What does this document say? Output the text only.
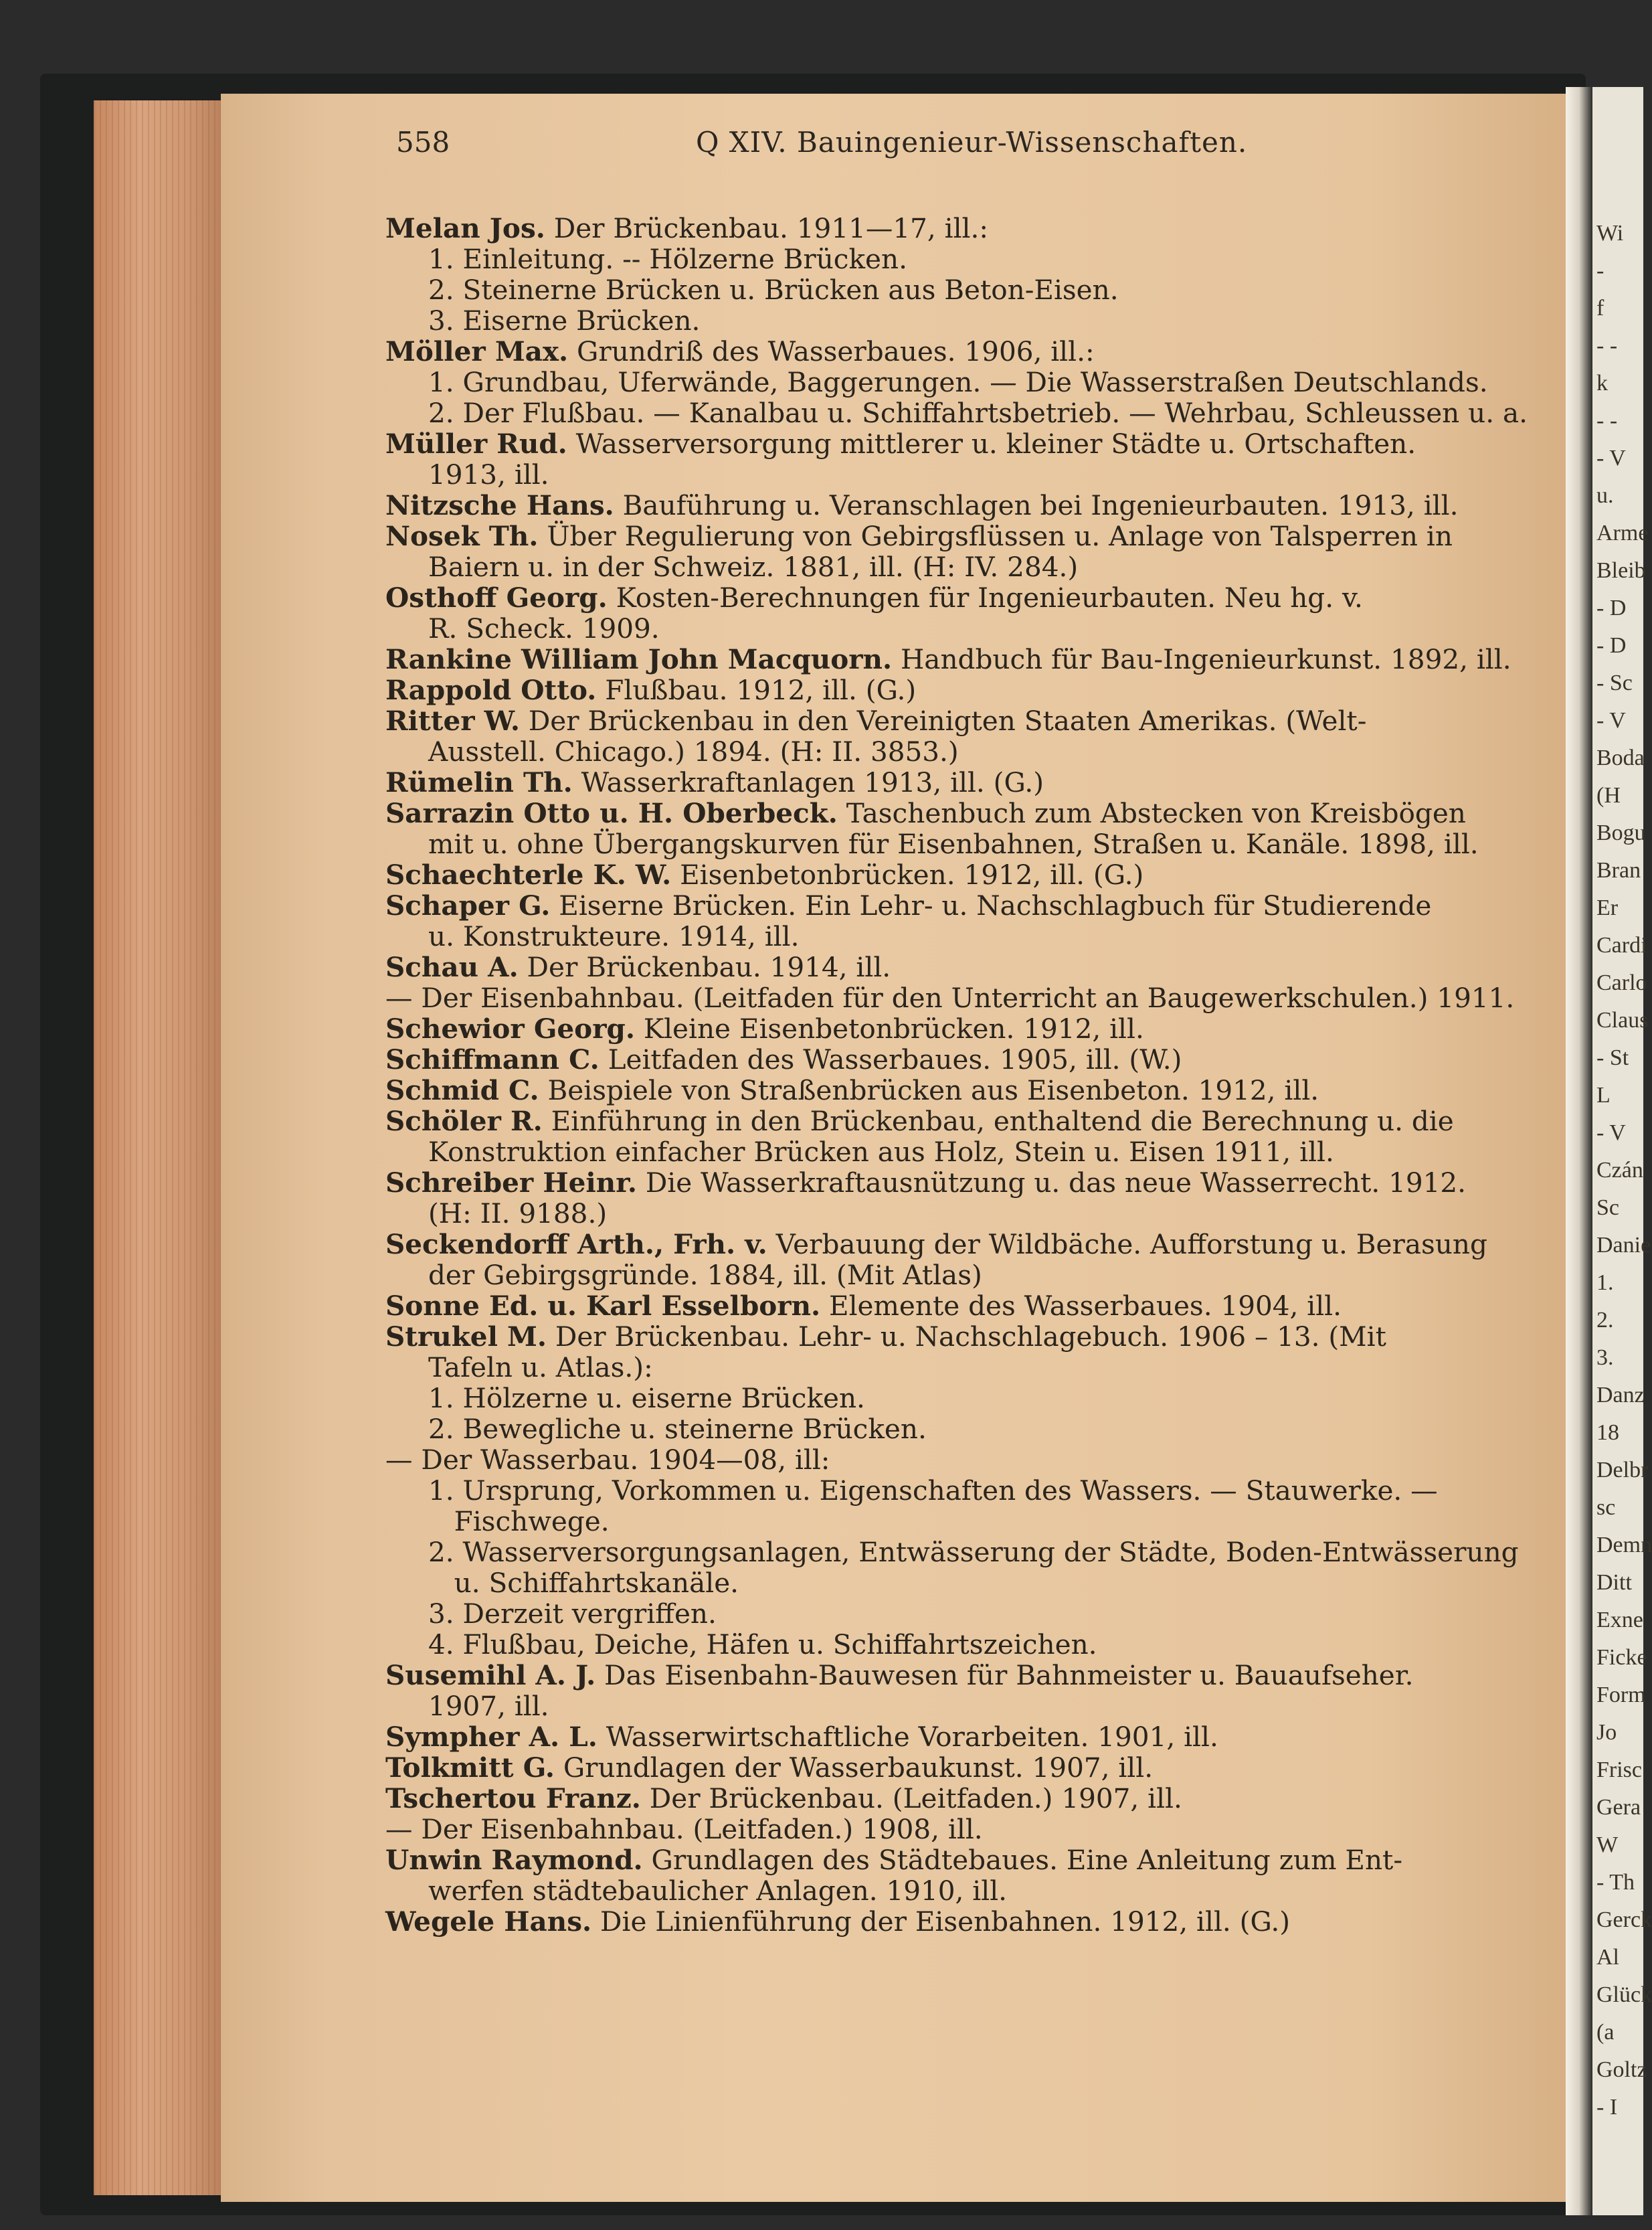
Wi
-
f
- -
k
- -
- V
u.
Arme
Bleib
- D
- D
- Sc
- V
Boda
(H
Bogu
Bran
Er
Cardi
Carlo
Claus
- St
L
- V
Czán
Sc
Danie
1.
2.
3.
Danz
18
Delbr
sc
Demn
Ditt
Exne
Ficke
Form
Jo
Frisc
Gera
W
- Th
Gerck
Al
Glück
(a
Goltz
- I
558	Q XIV. Bauingenieur-Wissenschaften.

Melan Jos. Der Brückenbau. 1911—17, ill.:

1. Einleitung. -- Hölzerne Brücken.

2. Steinerne Brücken u. Brücken aus Beton-Eisen.

3. Eiserne Brücken.

Möller Max. Grundriß des Wasserbaues. 1906, ill.:

1. Grundbau, Uferwände, Baggerungen. — Die Wasserstraßen Deutschlands.

2. Der Flußbau. — Kanalbau u. Schiffahrtsbetrieb. — Wehrbau, Schleussen u. a.

Müller Rud. Wasserversorgung mittlerer u. kleiner Städte u. Ortschaften.

1913, ill.

Nitzsche Hans. Bauführung u. Veranschlagen bei Ingenieurbauten. 1913, ill.

Nosek Th. Über Regulierung von Gebirgsflüssen u. Anlage von Talsperren in

Baiern u. in der Schweiz. 1881, ill. (H: IV. 284.)

Osthoff Georg. Kosten-Berechnungen für Ingenieurbauten. Neu hg. v.

R. Scheck. 1909.

Rankine William John Macquorn. Handbuch für Bau-Ingenieurkunst. 1892, ill.

Rappold Otto. Flußbau. 1912, ill. (G.)

Ritter W. Der Brückenbau in den Vereinigten Staaten Amerikas. (Welt-

Ausstell. Chicago.) 1894. (H: II. 3853.)

Rümelin Th. Wasserkraftanlagen 1913, ill. (G.)

Sarrazin Otto u. H. Oberbeck. Taschenbuch zum Abstecken von Kreisbögen

mit u. ohne Übergangskurven für Eisenbahnen, Straßen u. Kanäle. 1898, ill.

Schaechterle K. W. Eisenbetonbrücken. 1912, ill. (G.)

Schaper G. Eiserne Brücken. Ein Lehr- u. Nachschlagbuch für Studierende

u. Konstrukteure. 1914, ill.

Schau A. Der Brückenbau. 1914, ill.

— Der Eisenbahnbau. (Leitfaden für den Unterricht an Baugewerkschulen.) 1911.

Schewior Georg. Kleine Eisenbetonbrücken. 1912, ill.

Schiffmann C. Leitfaden des Wasserbaues. 1905, ill. (W.)

Schmid C. Beispiele von Straßenbrücken aus Eisenbeton. 1912, ill.

Schöler R. Einführung in den Brückenbau, enthaltend die Berechnung u. die

Konstruktion einfacher Brücken aus Holz, Stein u. Eisen 1911, ill.

Schreiber Heinr. Die Wasserkraftausnützung u. das neue Wasserrecht. 1912.

(H: II. 9188.)

Seckendorff Arth., Frh. v. Verbauung der Wildbäche. Aufforstung u. Berasung

der Gebirgsgründe. 1884, ill. (Mit Atlas)

Sonne Ed. u. Karl Esselborn. Elemente des Wasserbaues. 1904, ill.

Strukel M. Der Brückenbau. Lehr- u. Nachschlagebuch. 1906 – 13. (Mit

Tafeln u. Atlas.):

1. Hölzerne u. eiserne Brücken.

2. Bewegliche u. steinerne Brücken.

— Der Wasserbau. 1904—08, ill:

1. Ursprung, Vorkommen u. Eigenschaften des Wassers. — Stauwerke. —

Fischwege.

2. Wasserversorgungsanlagen, Entwässerung der Städte, Boden-Entwässerung

u. Schiffahrtskanäle.

3. Derzeit vergriffen.

4. Flußbau, Deiche, Häfen u. Schiffahrtszeichen.

Susemihl A. J. Das Eisenbahn-Bauwesen für Bahnmeister u. Bauaufseher.

1907, ill.

Sympher A. L. Wasserwirtschaftliche Vorarbeiten. 1901, ill.

Tolkmitt G. Grundlagen der Wasserbaukunst. 1907, ill.

Tschertou Franz. Der Brückenbau. (Leitfaden.) 1907, ill.

— Der Eisenbahnbau. (Leitfaden.) 1908, ill.

Unwin Raymond. Grundlagen des Städtebaues. Eine Anleitung zum Ent-

werfen städtebaulicher Anlagen. 1910, ill.

Wegele Hans. Die Linienführung der Eisenbahnen. 1912, ill. (G.)
